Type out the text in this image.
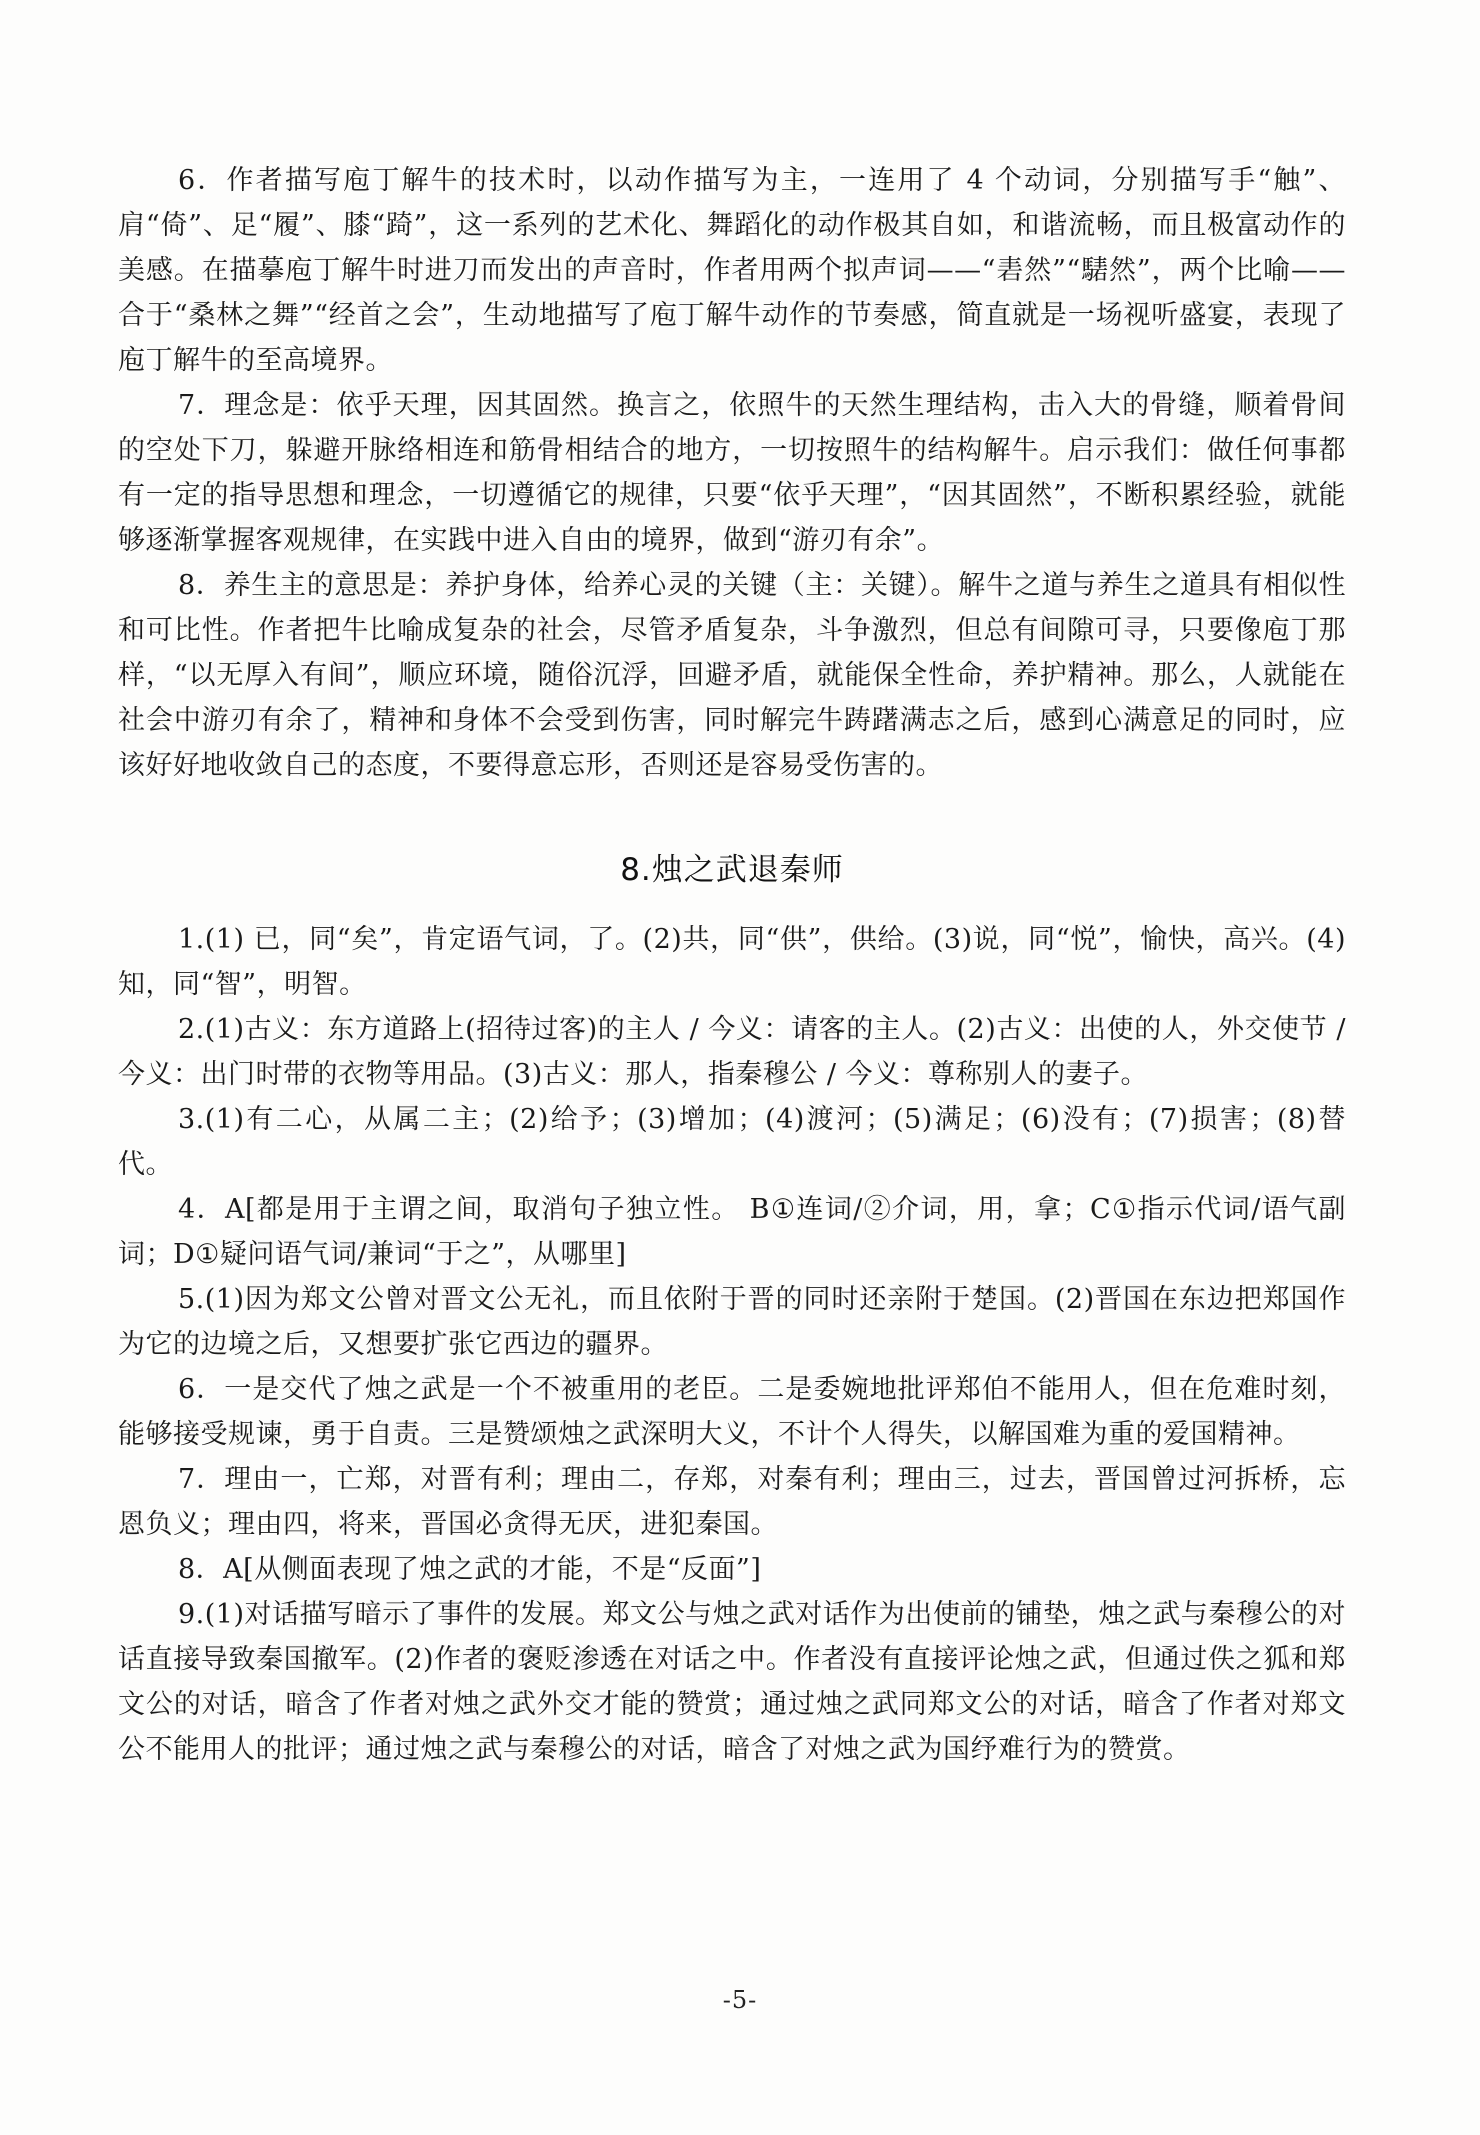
6．作者描写庖丁解牛的技术时，以动作描写为主，一连用了 4 个动词，分别描写手“触”、肩“倚”、足“履”、膝“踦”，这一系列的艺术化、舞蹈化的动作极其自如，和谐流畅，而且极富动作的美感。在描摹庖丁解牛时进刀而发出的声音时，作者用两个拟声词——“砉然”“騞然”，两个比喻——合于“桑林之舞”“经首之会”，生动地描写了庖丁解牛动作的节奏感，简直就是一场视听盛宴，表现了庖丁解牛的至高境界。

7．理念是：依乎天理，因其固然。换言之，依照牛的天然生理结构，击入大的骨缝，顺着骨间的空处下刀，躲避开脉络相连和筋骨相结合的地方，一切按照牛的结构解牛。启示我们：做任何事都有一定的指导思想和理念，一切遵循它的规律，只要“依乎天理”，“因其固然”，不断积累经验，就能够逐渐掌握客观规律，在实践中进入自由的境界，做到“游刃有余”。

8．养生主的意思是：养护身体，给养心灵的关键（主：关键）。解牛之道与养生之道具有相似性和可比性。作者把牛比喻成复杂的社会，尽管矛盾复杂，斗争激烈，但总有间隙可寻，只要像庖丁那样，“以无厚入有间”，顺应环境，随俗沉浮，回避矛盾，就能保全性命，养护精神。那么，人就能在社会中游刃有余了，精神和身体不会受到伤害，同时解完牛踌躇满志之后，感到心满意足的同时，应该好好地收敛自己的态度，不要得意忘形，否则还是容易受伤害的。

8.烛之武退秦师

1.(1) 已，同“矣”，肯定语气词，了。(2)共，同“供”，供给。(3)说，同“悦”，愉快，高兴。(4)知，同“智”，明智。

2.(1)古义：东方道路上(招待过客)的主人 / 今义：请客的主人。(2)古义：出使的人，外交使节 / 今义：出门时带的衣物等用品。(3)古义：那人，指秦穆公 / 今义：尊称别人的妻子。

3.(1)有二心，从属二主；(2)给予；(3)增加；(4)渡河；(5)满足；(6)没有；(7)损害；(8)替代。

4．A[都是用于主谓之间，取消句子独立性。 B①连词/②介词，用，拿；C①指示代词/语气副词；D①疑问语气词/兼词“于之”，从哪里]

5.(1)因为郑文公曾对晋文公无礼，而且依附于晋的同时还亲附于楚国。(2)晋国在东边把郑国作为它的边境之后，又想要扩张它西边的疆界。

6．一是交代了烛之武是一个不被重用的老臣。二是委婉地批评郑伯不能用人，但在危难时刻，能够接受规谏，勇于自责。三是赞颂烛之武深明大义，不计个人得失，以解国难为重的爱国精神。

7．理由一，亡郑，对晋有利；理由二，存郑，对秦有利；理由三，过去，晋国曾过河拆桥，忘恩负义；理由四，将来，晋国必贪得无厌，进犯秦国。

8．A[从侧面表现了烛之武的才能，不是“反面”]

9.(1)对话描写暗示了事件的发展。郑文公与烛之武对话作为出使前的铺垫，烛之武与秦穆公的对话直接导致秦国撤军。(2)作者的褒贬渗透在对话之中。作者没有直接评论烛之武，但通过佚之狐和郑文公的对话，暗含了作者对烛之武外交才能的赞赏；通过烛之武同郑文公的对话，暗含了作者对郑文公不能用人的批评；通过烛之武与秦穆公的对话，暗含了对烛之武为国纾难行为的赞赏。

-5-
